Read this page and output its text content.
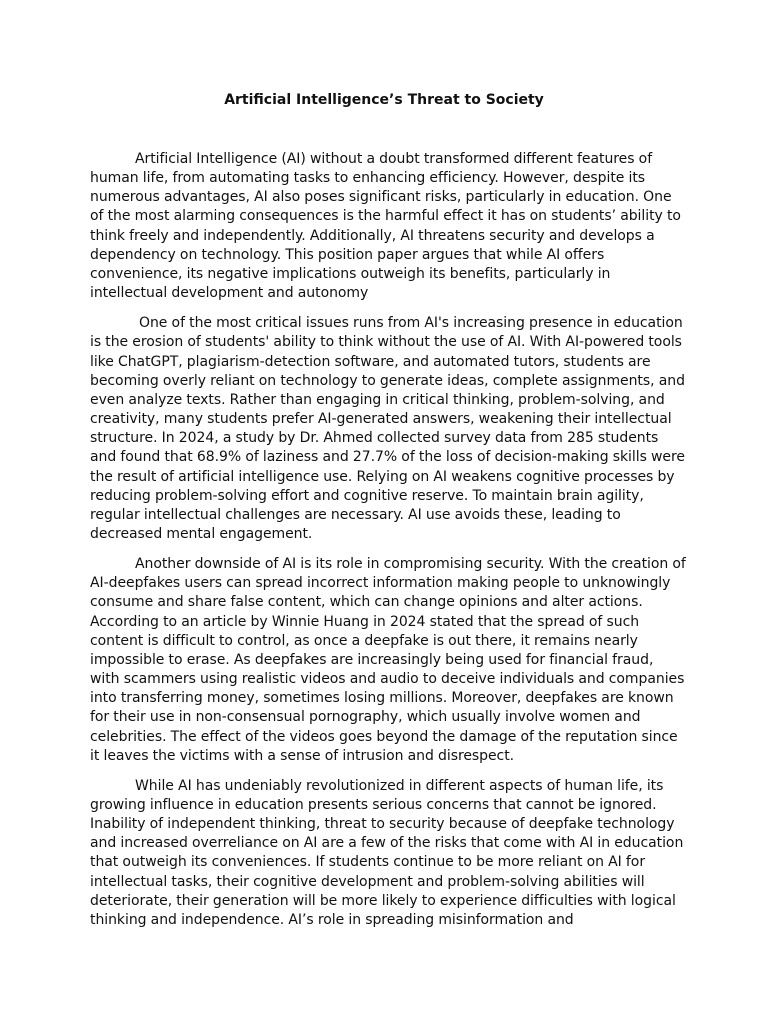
Artificial Intelligence’s Threat to Society

Artificial Intelligence (AI) without a doubt transformed different features of human life, from automating tasks to enhancing efficiency. However, despite its numerous advantages, AI also poses significant risks, particularly in education. One of the most alarming consequences is the harmful effect it has on students’ ability to think freely and independently. Additionally, AI threatens security and develops a dependency on technology. This position paper argues that while AI offers convenience, its negative implications outweigh its benefits, particularly in intellectual development and autonomy

One of the most critical issues runs from AI's increasing presence in education is the erosion of students' ability to think without the use of AI. With AI-powered tools like ChatGPT, plagiarism-detection software, and automated tutors, students are becoming overly reliant on technology to generate ideas, complete assignments, and even analyze texts. Rather than engaging in critical thinking, problem-solving, and creativity, many students prefer AI-generated answers, weakening their intellectual structure. In 2024, a study by Dr. Ahmed collected survey data from 285 students and found that 68.9% of laziness and 27.7% of the loss of decision-making skills were the result of artificial intelligence use. Relying on AI weakens cognitive processes by reducing problem-solving effort and cognitive reserve. To maintain brain agility, regular intellectual challenges are necessary. AI use avoids these, leading to decreased mental engagement.

Another downside of AI is its role in compromising security. With the creation of AI-deepfakes users can spread incorrect information making people to unknowingly consume and share false content, which can change opinions and alter actions. According to an article by Winnie Huang in 2024 stated that the spread of such content is difficult to control, as once a deepfake is out there, it remains nearly impossible to erase. As deepfakes are increasingly being used for financial fraud, with scammers using realistic videos and audio to deceive individuals and companies into transferring money, sometimes losing millions. Moreover, deepfakes are known for their use in non-consensual pornography, which usually involve women and celebrities. The effect of the videos goes beyond the damage of the reputation since it leaves the victims with a sense of intrusion and disrespect.

While AI has undeniably revolutionized in different aspects of human life, its growing influence in education presents serious concerns that cannot be ignored. Inability of independent thinking, threat to security because of deepfake technology and increased overreliance on AI are a few of the risks that come with AI in education that outweigh its conveniences. If students continue to be more reliant on AI for intellectual tasks, their cognitive development and problem-solving abilities will deteriorate, their generation will be more likely to experience difficulties with logical thinking and independence. AI’s role in spreading misinformation and
